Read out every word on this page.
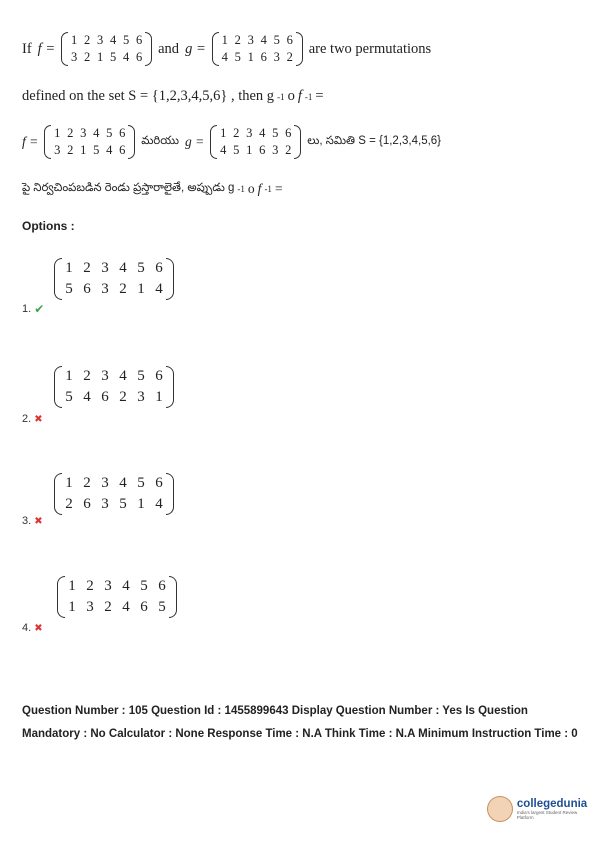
If f =
1 2 3 4 5 6
3 2 1 5 4 6
and g =
1 2 3 4 5 6
4 5 1 6 3 2
are two permutations
defined on the set S = {1,2,3,4,5,6} , then g -1 o f -1 =
f =
1 2 3 4 5 6
3 2 1 5 4 6
మరియు g =
1 2 3 4 5 6
4 5 1 6 3 2
లు, సమితి S = {1,2,3,4,5,6}
పై నిర్వచింపబడిన రెండు ప్రస్తారాలైతే, అప్పుడు g -1 o f -1 =
Options :
1 2 3 4 5 6
5 6 3 2 1 4
1. ✔
1 2 3 4 5 6
5 4 6 2 3 1
2. ✖
1 2 3 4 5 6
2 6 3 5 1 4
3. ✖
1 2 3 4 5 6
1 3 2 4 6 5
4. ✖
Question Number : 105 Question Id : 1455899643 Display Question Number : Yes Is Question Mandatory : No Calculator : None Response Time : N.A Think Time : N.A Minimum Instruction Time : 0
collegedunia
India's largest Student Review Platform
